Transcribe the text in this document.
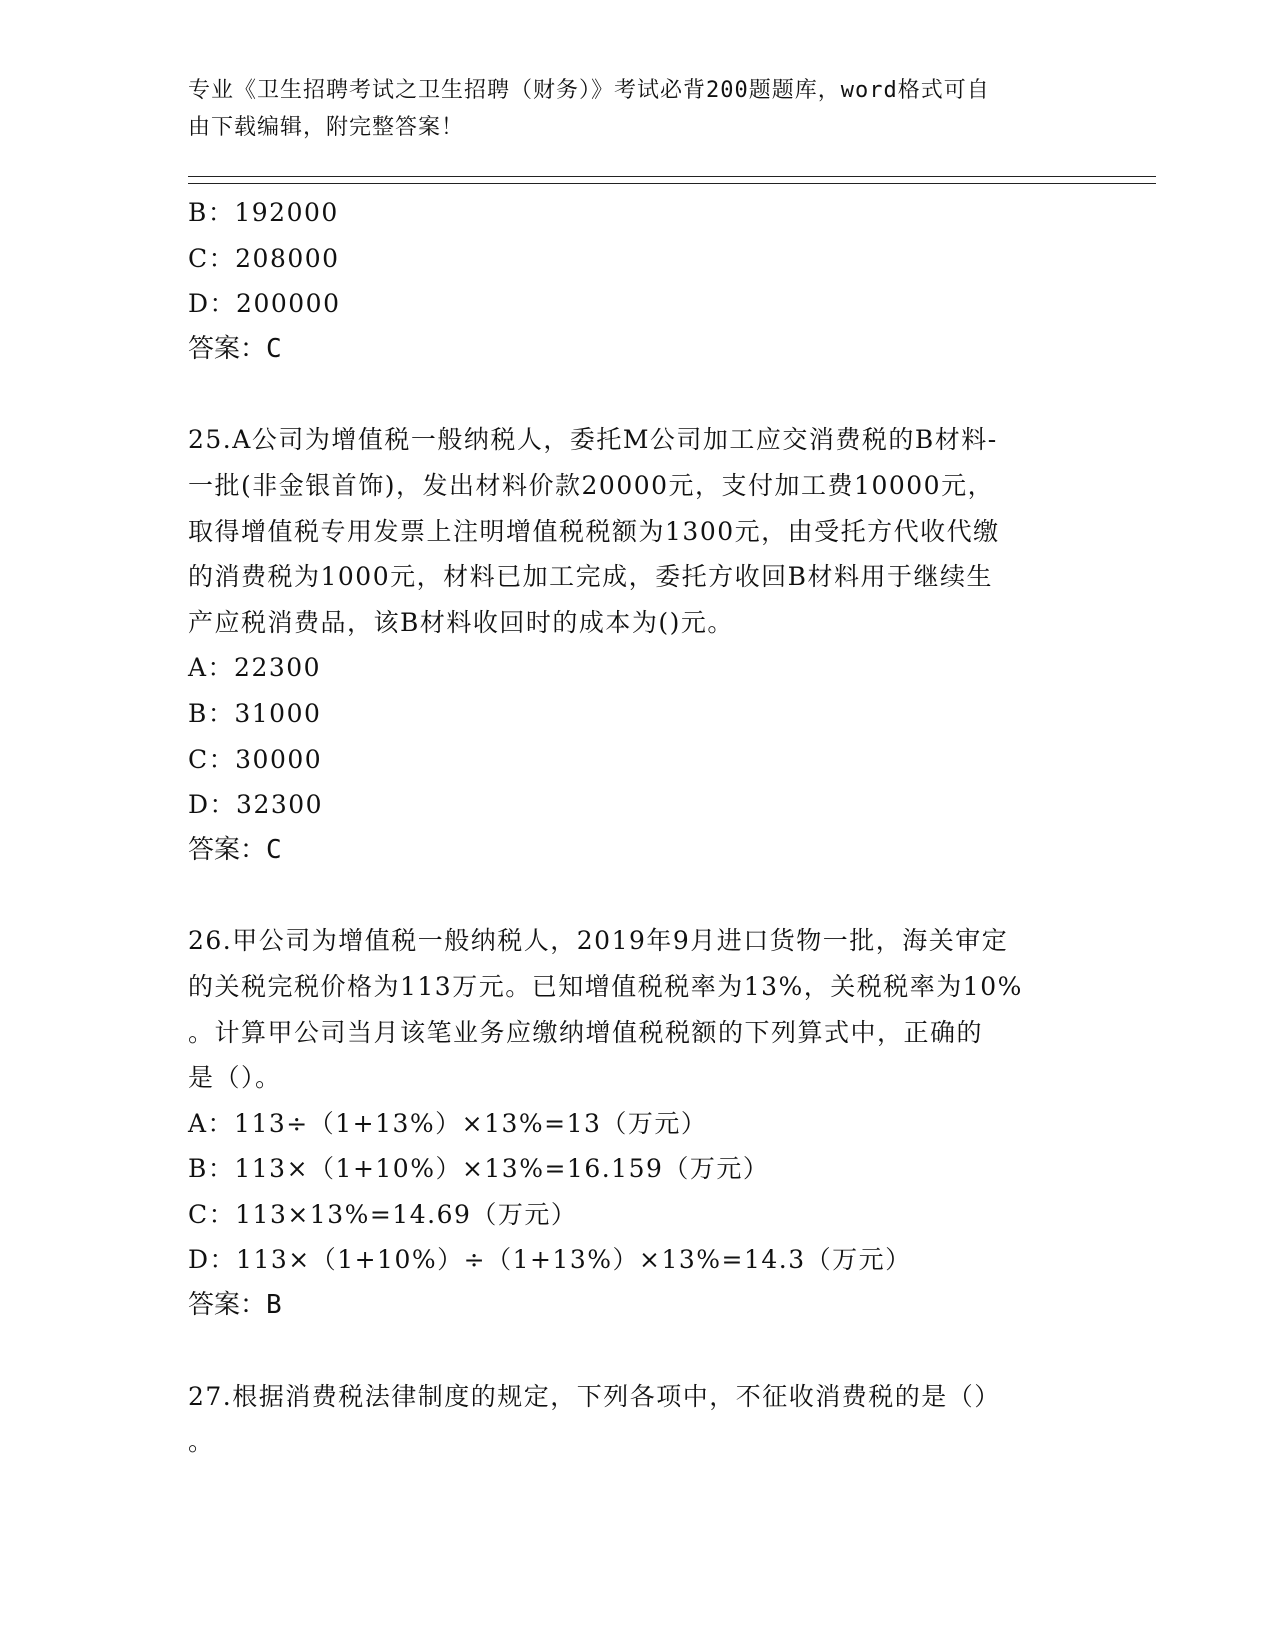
专业《卫生招聘考试之卫生招聘（财务）》考试必背200题题库，word格式可自
由下载编辑，附完整答案！
B：192000
C：208000
D：200000
答案：C
25.A公司为增值税一般纳税人，委托M公司加工应交消费税的B材料-
一批(非金银首饰)，发出材料价款20000元，支付加工费10000元，
取得增值税专用发票上注明增值税税额为1300元，由受托方代收代缴
的消费税为1000元，材料已加工完成，委托方收回B材料用于继续生
产应税消费品，该B材料收回时的成本为()元。
A：22300
B：31000
C：30000
D：32300
答案：C
26.甲公司为增值税一般纳税人，2019年9月进口货物一批，海关审定
的关税完税价格为113万元。已知增值税税率为13%，关税税率为10%
。计算甲公司当月该笔业务应缴纳增值税税额的下列算式中，正确的
是（）。
A：113÷（1+13%）×13%=13（万元）
B：113×（1+10%）×13%=16.159（万元）
C：113×13%=14.69（万元）
D：113×（1+10%）÷（1+13%）×13%=14.3（万元）
答案：B
27.根据消费税法律制度的规定，下列各项中，不征收消费税的是（）
。
